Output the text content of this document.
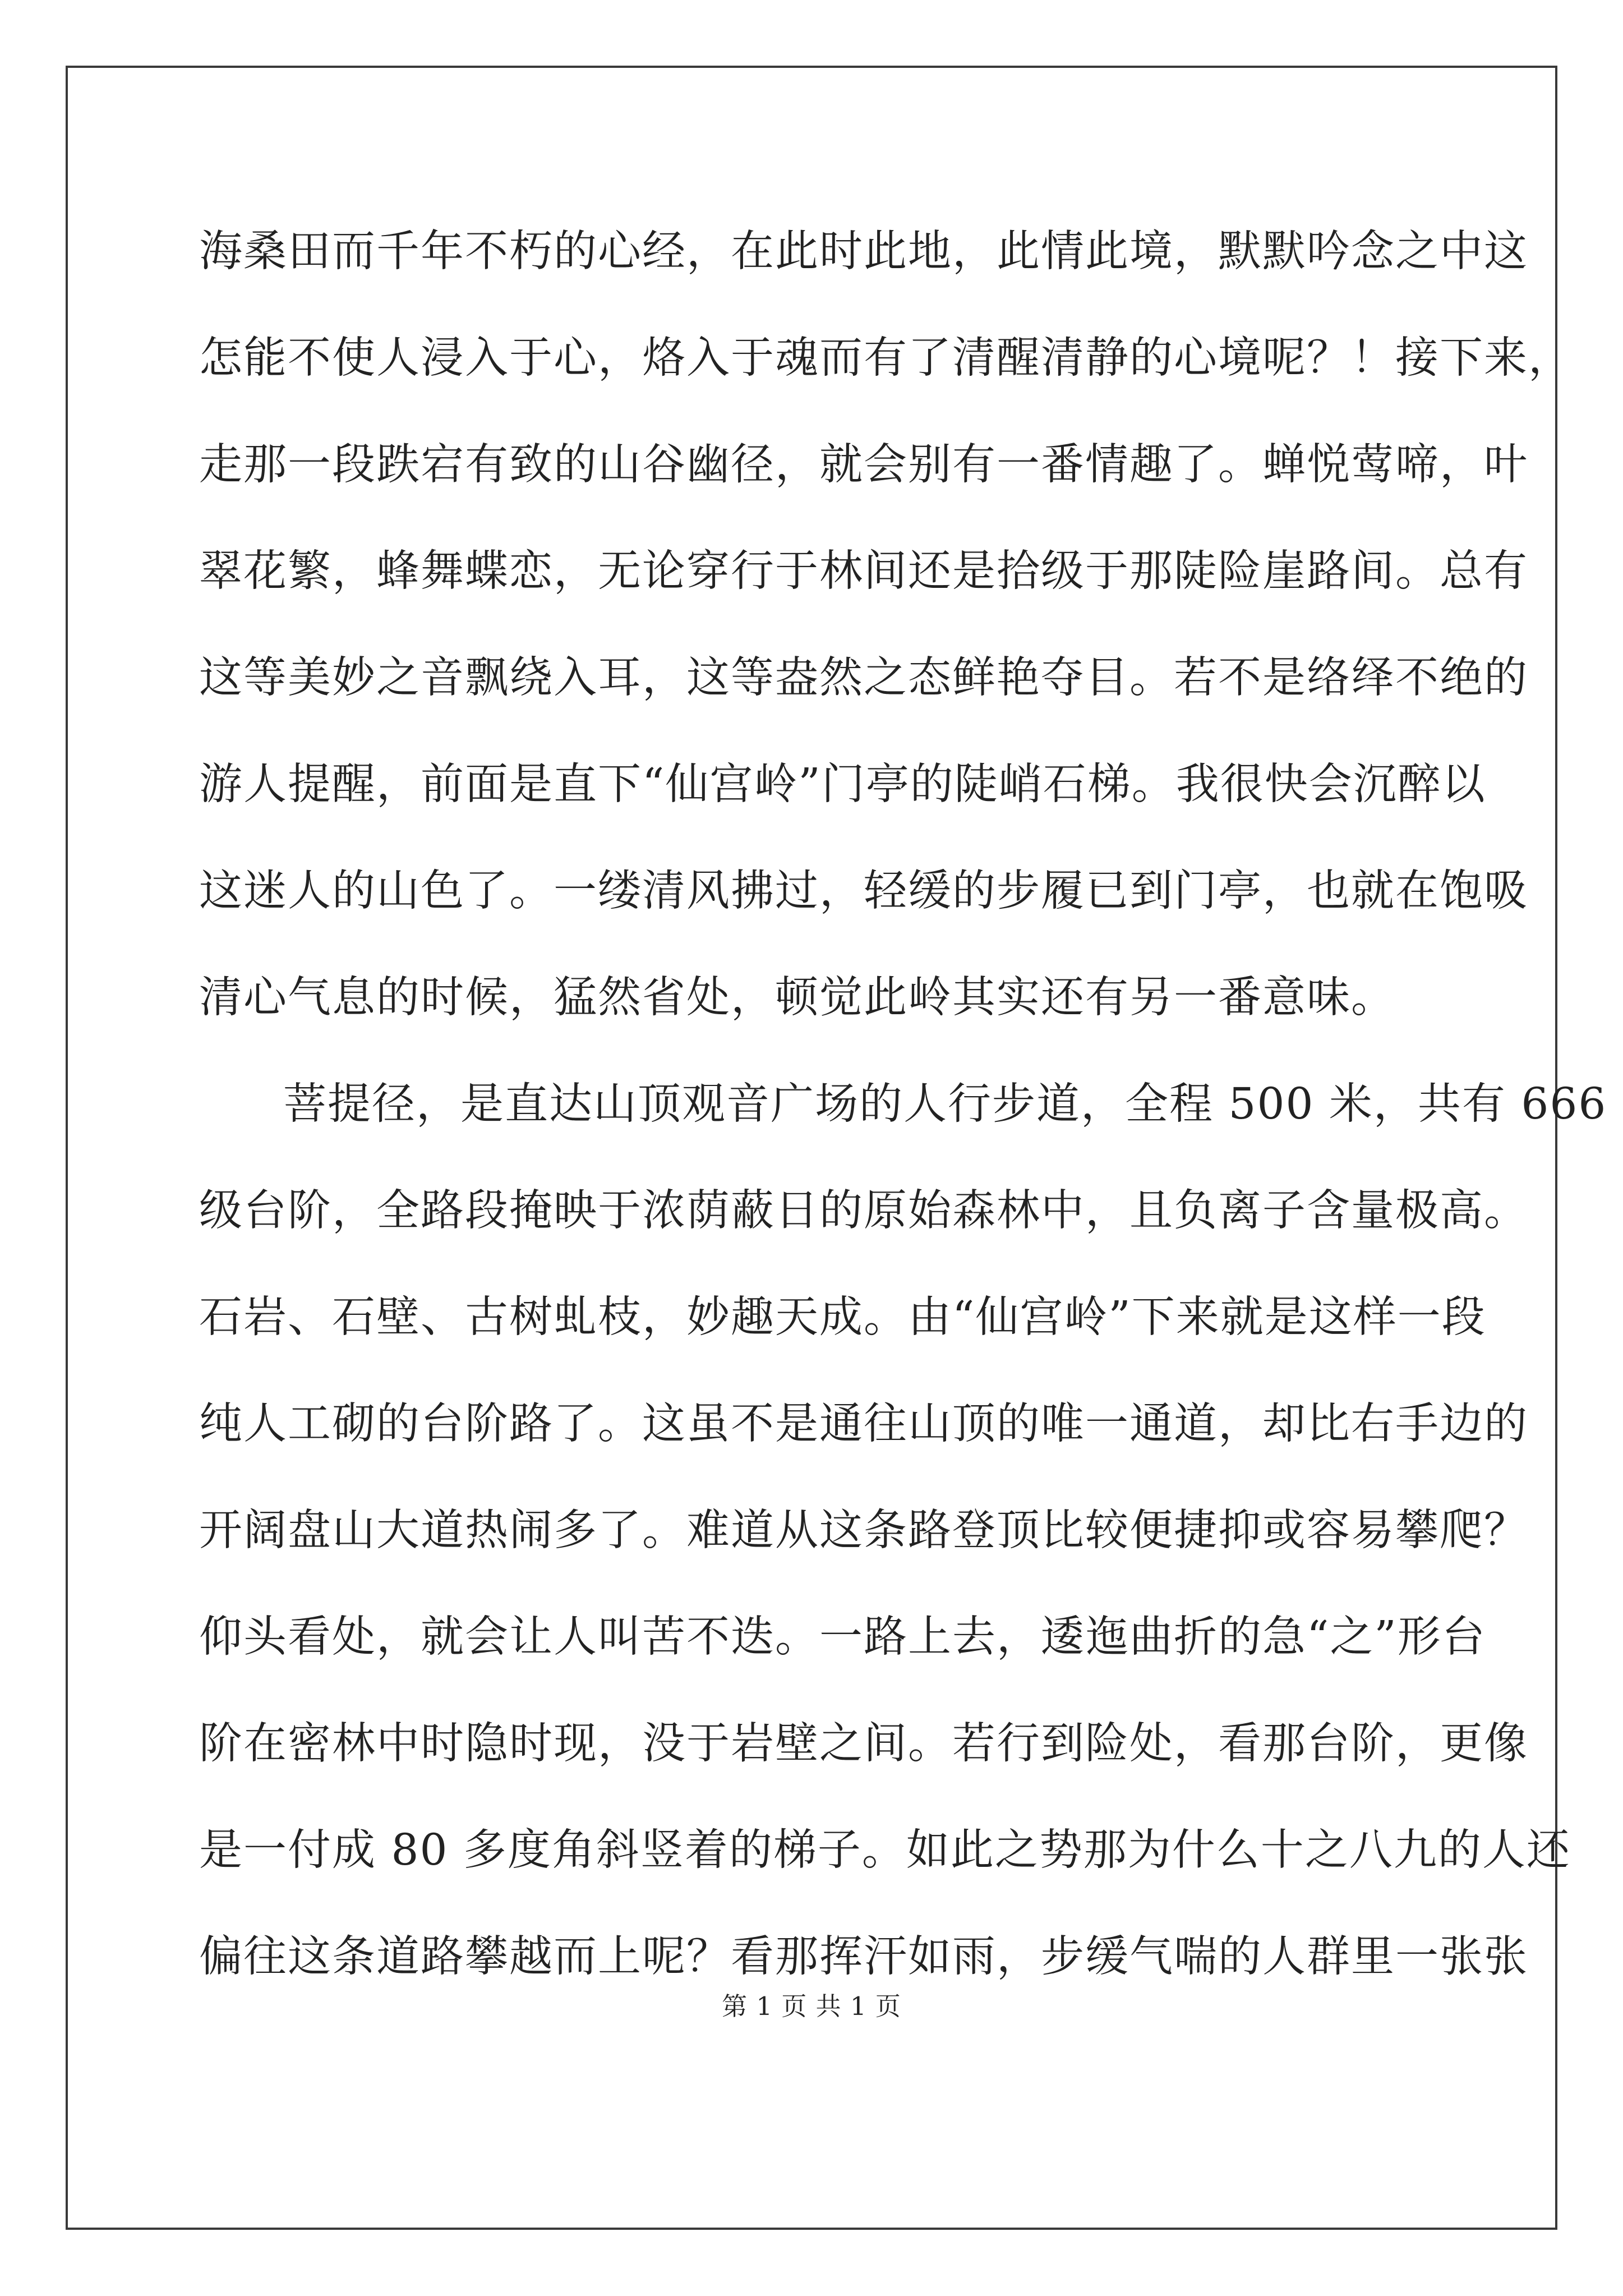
海桑田而千年不朽的心经，在此时此地，此情此境，默默吟念之中这
怎能不使人浸入于心，烙入于魂而有了清醒清静的心境呢？！接下来，
走那一段跌宕有致的山谷幽径，就会别有一番情趣了。蝉悦莺啼，叶
翠花繁，蜂舞蝶恋，无论穿行于林间还是拾级于那陡险崖路间。总有
这等美妙之音飘绕入耳，这等盎然之态鲜艳夺目。若不是络绎不绝的
游人提醒，前面是直下“仙宫岭”门亭的陡峭石梯。我很快会沉醉以
这迷人的山色了。一缕清风拂过，轻缓的步履已到门亭，也就在饱吸
清心气息的时候，猛然省处，顿觉此岭其实还有另一番意味。
菩提径，是直达山顶观音广场的人行步道，全程 500 米，共有 666
级台阶，全路段掩映于浓荫蔽日的原始森林中，且负离子含量极高。
石岩、石壁、古树虬枝，妙趣天成。由“仙宫岭”下来就是这样一段
纯人工砌的台阶路了。这虽不是通往山顶的唯一通道，却比右手边的
开阔盘山大道热闹多了。难道从这条路登顶比较便捷抑或容易攀爬？
仰头看处，就会让人叫苦不迭。一路上去，逶迤曲折的急“之”形台
阶在密林中时隐时现，没于岩壁之间。若行到险处，看那台阶，更像
是一付成 80 多度角斜竖着的梯子。如此之势那为什么十之八九的人还
偏往这条道路攀越而上呢？看那挥汗如雨，步缓气喘的人群里一张张
第 1 页 共 1 页
